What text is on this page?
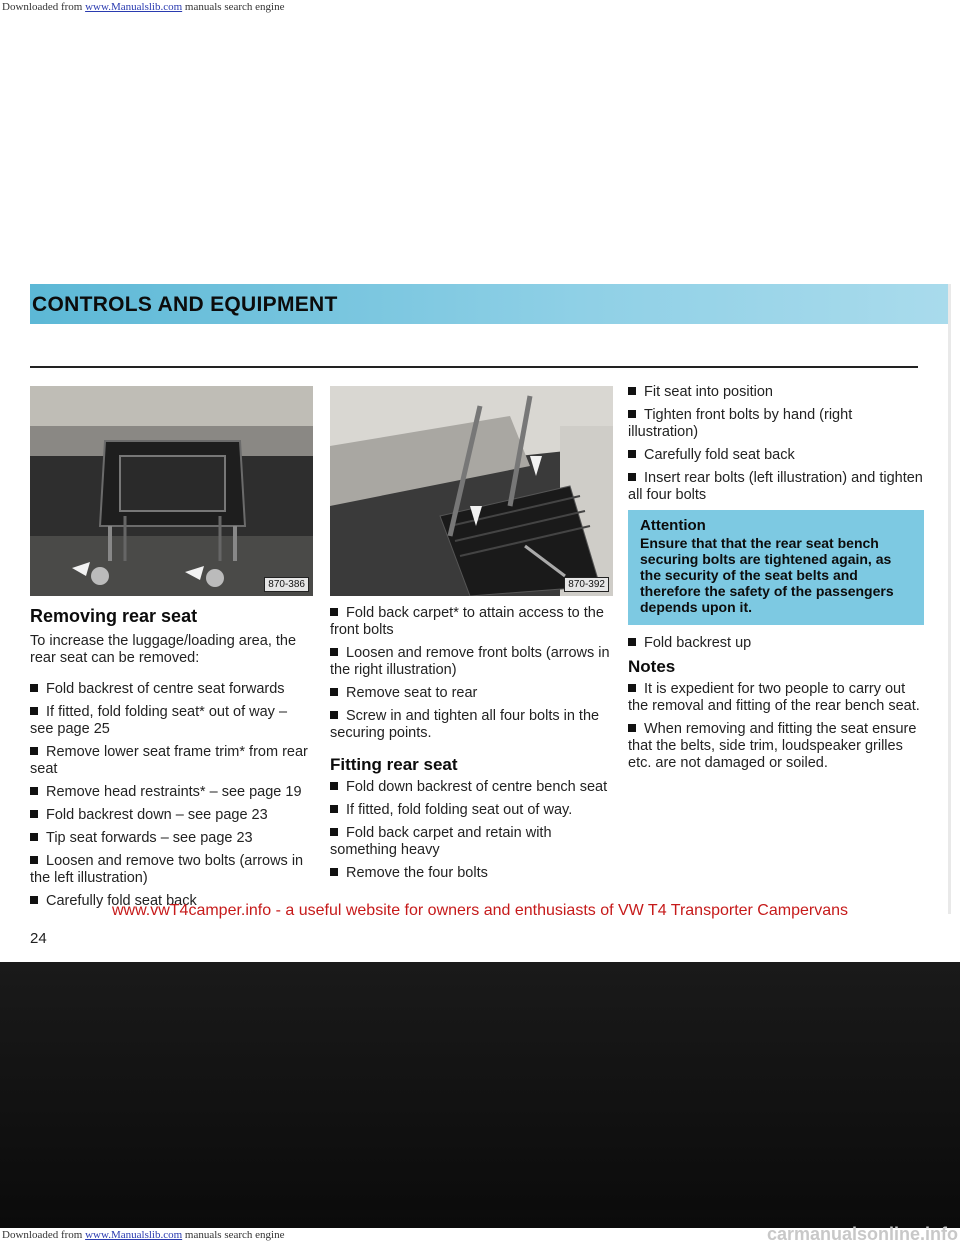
Downloaded from www.Manualslib.com manuals search engine
CONTROLS AND EQUIPMENT
870-386	870-392
Removing rear seat

To increase the luggage/loading area, the rear seat can be removed:

Fold backrest of centre seat forwards

If fitted, fold folding seat* out of way – see page 25

Remove lower seat frame trim* from rear seat

Remove head restraints* – see page 19

Fold backrest down – see page 23

Tip seat forwards – see page 23

Loosen and remove two bolts (arrows in the left illustration)

Carefully fold seat back

Fold back carpet* to attain access to the front bolts

Loosen and remove front bolts (arrows in the right illustration)

Remove seat to rear

Screw in and tighten all four bolts in the securing points.

Fitting rear seat

Fold down backrest of centre bench seat

If fitted, fold folding seat out of way.

Fold back carpet and retain with something heavy

Remove the four bolts

Fit seat into position

Tighten front bolts by hand (right illustration)

Carefully fold seat back

Insert rear bolts (left illustration) and tighten all four bolts

Attention
Ensure that that the rear seat bench securing bolts are tightened again, as the security of the seat belts and therefore the safety of the passengers depends upon it.

Fold backrest up

Notes

It is expedient for two people to carry out the removal and fitting of the rear bench seat.

When removing and fitting the seat ensure that the belts, side trim, loudspeaker grilles etc. are not damaged or soiled.

www.vwT4camper.info - a useful website for owners and enthusiasts of VW T4 Transporter Campervans
24
Downloaded from www.Manualslib.com manuals search engine	carmanualsonline.info
